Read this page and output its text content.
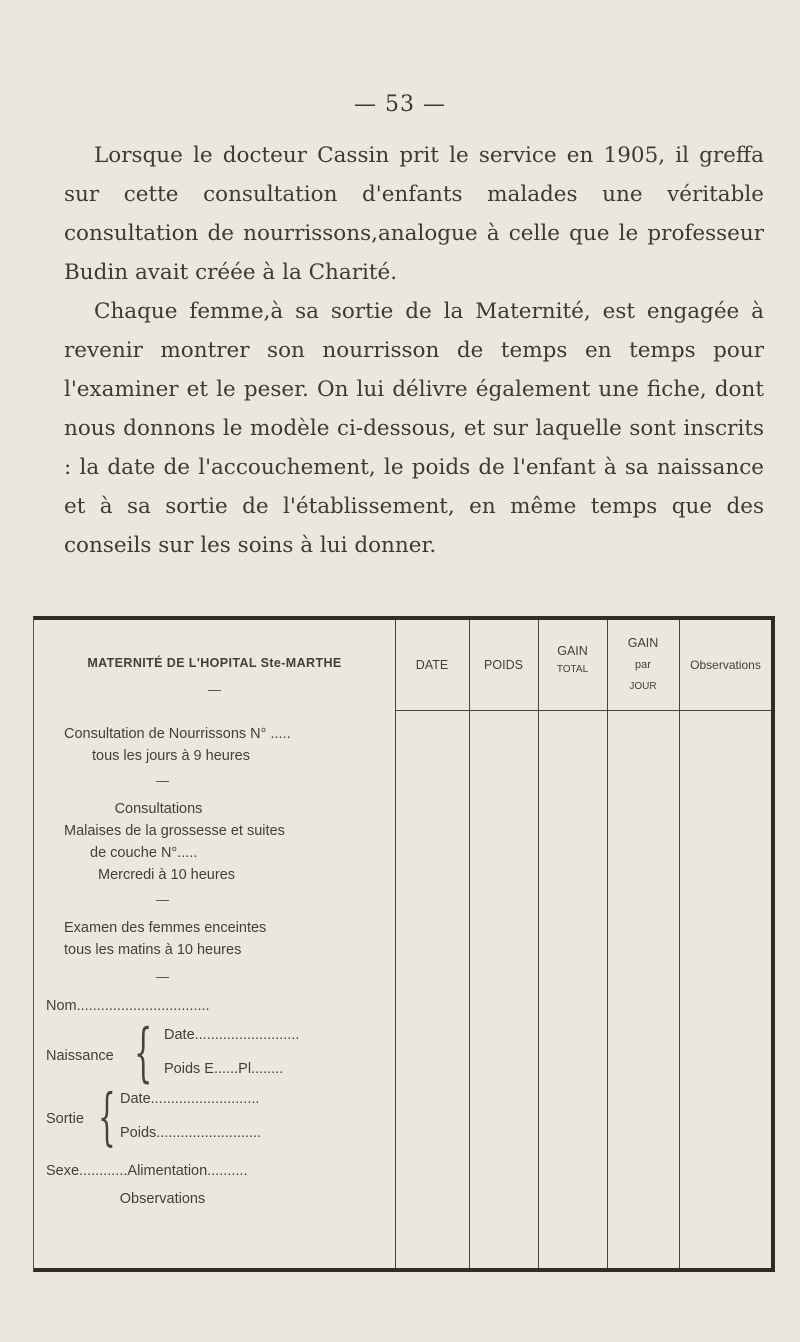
— 53 —

Lorsque le docteur Cassin prit le service en 1905, il greffa sur cette consultation d'enfants malades une véritable consultation de nourrissons,analogue à celle que le professeur Budin avait créée à la Charité.

Chaque femme,à sa sortie de la Maternité, est engagée à revenir montrer son nourrisson de temps en temps pour l'examiner et le peser. On lui délivre également une fiche, dont nous donnons le modèle ci-dessous, et sur laquelle sont inscrits : la date de l'accouchement, le poids de l'enfant à sa naissance et à sa sortie de l'établissement, en même temps que des conseils sur les soins à lui donner.

DATE	POIDS
GAIN
TOTAL
GAIN
par
JOUR
Observations
MATERNITÉ DE L'HOPITAL Ste-MARTHE
—
Consultation de Nourrissons N° .....
tous les jours à 9 heures
—
Consultations
Malaises de la grossesse et suites
de couche N°.....
Mercredi à 10 heures
—
Examen des femmes enceintes
tous les matins à 10 heures
—
Nom.................................
Naissance { Date..........................
Poids E......Pl........
Sortie { Date...........................
Poids..........................
Sexe............Alimentation..........
Observations
